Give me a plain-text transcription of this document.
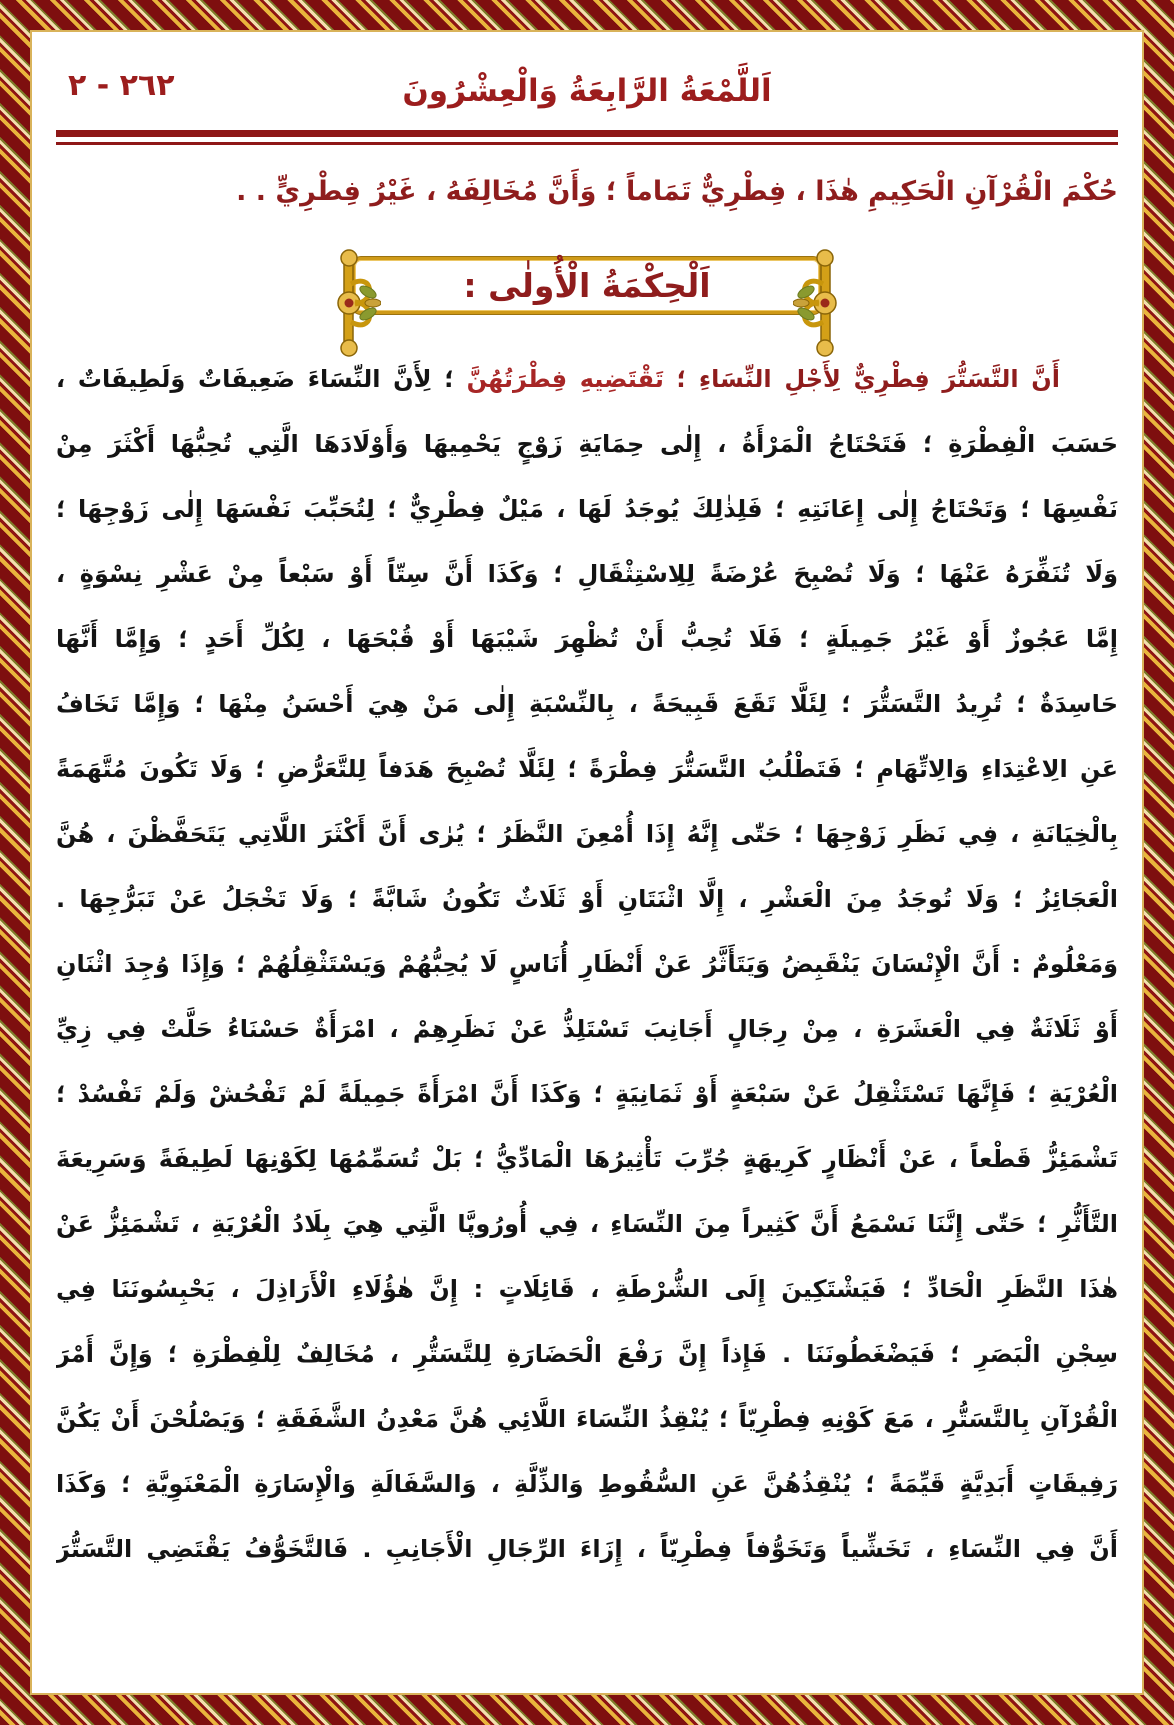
٢٦٢ - ٢	اَللَّمْعَةُ الرَّابِعَةُ وَالْعِشْرُونَ
حُكْمَ الْقُرْآنِ الْحَكِيمِ هٰذَا ، فِطْرِيٌّ تَمَاماً ؛ وَأَنَّ مُخَالِفَهُ ، غَيْرُ فِطْرِيٍّ . .
اَلْحِكْمَةُ الْأُولٰى :
أَنَّ التَّسَتُّرَ فِطْرِيٌّ لِأَجْلِ النِّسَاءِ ؛ تَقْتَضِيهِ فِطْرَتُهُنَّ ؛ لِأَنَّ النِّسَاءَ ضَعِيفَاتٌ وَلَطِيفَاتٌ ،
حَسَبَ الْفِطْرَةِ ؛ فَتَحْتَاجُ الْمَرْأَةُ ، إِلٰى حِمَايَةِ زَوْجٍ يَحْمِيهَا وَأَوْلَادَهَا الَّتِي تُحِبُّهَا أَكْثَرَ مِنْ
نَفْسِهَا ؛ وَتَحْتَاجُ إِلٰى إِعَانَتِهِ ؛ فَلِذٰلِكَ يُوجَدُ لَهَا ، مَيْلٌ فِطْرِيٌّ ؛ لِتُحَبِّبَ نَفْسَهَا إِلٰى زَوْجِهَا ؛
وَلَا تُنَفِّرَهُ عَنْهَا ؛ وَلَا تُصْبِحَ عُرْضَةً لِلِاسْتِثْقَالِ ؛ وَكَذَا أَنَّ سِتّاً أَوْ سَبْعاً مِنْ عَشْرِ نِسْوَةٍ ،
إِمَّا عَجُوزٌ أَوْ غَيْرُ جَمِيلَةٍ ؛ فَلَا تُحِبُّ أَنْ تُظْهِرَ شَيْبَهَا أَوْ قُبْحَهَا ، لِكُلِّ أَحَدٍ ؛ وَإِمَّا أَنَّهَا
حَاسِدَةٌ ؛ تُرِيدُ التَّسَتُّرَ ؛ لِئَلَّا تَقَعَ قَبِيحَةً ، بِالنِّسْبَةِ إِلٰى مَنْ هِيَ أَحْسَنُ مِنْهَا ؛ وَإِمَّا تَخَافُ
عَنِ الِاعْتِدَاءِ وَالِاتِّهَامِ ؛ فَتَطْلُبُ التَّسَتُّرَ فِطْرَةً ؛ لِئَلَّا تُصْبِحَ هَدَفاً لِلتَّعَرُّضِ ؛ وَلَا تَكُونَ مُتَّهَمَةً
بِالْخِيَانَةِ ، فِي نَظَرِ زَوْجِهَا ؛ حَتّٰى إِنَّهُ إِذَا أُمْعِنَ النَّظَرُ ؛ يُرٰى أَنَّ أَكْثَرَ اللَّاتِي يَتَحَفَّظْنَ ، هُنَّ
الْعَجَائِزُ ؛ وَلَا تُوجَدُ مِنَ الْعَشْرِ ، إِلَّا اثْنَتَانِ أَوْ ثَلَاثٌ تَكُونُ شَابَّةً ؛ وَلَا تَخْجَلُ عَنْ تَبَرُّجِهَا .
وَمَعْلُومٌ : أَنَّ الْإِنْسَانَ يَنْقَبِضُ وَيَتَأَثَّرُ عَنْ أَنْظَارِ أُنَاسٍ لَا يُحِبُّهُمْ وَيَسْتَثْقِلُهُمْ ؛ وَإِذَا وُجِدَ اثْنَانِ
أَوْ ثَلَاثَةٌ فِي الْعَشَرَةِ ، مِنْ رِجَالٍ أَجَانِبَ تَسْتَلِذُّ عَنْ نَظَرِهِمْ ، امْرَأَةٌ حَسْنَاءُ حَلَّتْ فِي زِيِّ
الْعُرْيَةِ ؛ فَإِنَّهَا تَسْتَثْقِلُ عَنْ سَبْعَةٍ أَوْ ثَمَانِيَةٍ ؛ وَكَذَا أَنَّ امْرَأَةً جَمِيلَةً لَمْ تَفْحُشْ وَلَمْ تَفْسُدْ ؛
تَشْمَئِزُّ قَطْعاً ، عَنْ أَنْظَارٍ كَرِيهَةٍ جُرِّبَ تَأْثِيرُهَا الْمَادِّيُّ ؛ بَلْ تُسَمِّمُهَا لِكَوْنِهَا لَطِيفَةً وَسَرِيعَةَ
التَّأَثُّرِ ؛ حَتّٰى إِنَّنَا نَسْمَعُ أَنَّ كَثِيراً مِنَ النِّسَاءِ ، فِي أُورُوپَّا الَّتِي هِيَ بِلَادُ الْعُرْيَةِ ، تَشْمَئِزُّ عَنْ
هٰذَا النَّظَرِ الْحَادِّ ؛ فَيَشْتَكِينَ إِلَى الشُّرْطَةِ ، قَائِلَاتٍ : إِنَّ هٰؤُلَاءِ الْأَرَاذِلَ ، يَحْبِسُونَنَا فِي
سِجْنِ الْبَصَرِ ؛ فَيَضْغَطُونَنَا . فَإِذاً إِنَّ رَفْعَ الْحَضَارَةِ لِلتَّسَتُّرِ ، مُخَالِفٌ لِلْفِطْرَةِ ؛ وَإِنَّ أَمْرَ
الْقُرْآنِ بِالتَّسَتُّرِ ، مَعَ كَوْنِهِ فِطْرِيّاً ؛ يُنْقِذُ النِّسَاءَ اللَّائِي هُنَّ مَعْدِنُ الشَّفَقَةِ ؛ وَيَصْلُحْنَ أَنْ يَكُنَّ
رَفِيقَاتٍ أَبَدِيَّةٍ قَيِّمَةً ؛ يُنْقِذُهُنَّ عَنِ السُّقُوطِ وَالذِّلَّةِ ، وَالسَّفَالَةِ وَالْإِسَارَةِ الْمَعْنَوِيَّةِ ؛ وَكَذَا
أَنَّ فِي النِّسَاءِ ، تَخَشِّياً وَتَخَوُّفاً فِطْرِيّاً ، إِزَاءَ الرِّجَالِ الْأَجَانِبِ . فَالتَّخَوُّفُ يَقْتَضِي التَّسَتُّرَ
